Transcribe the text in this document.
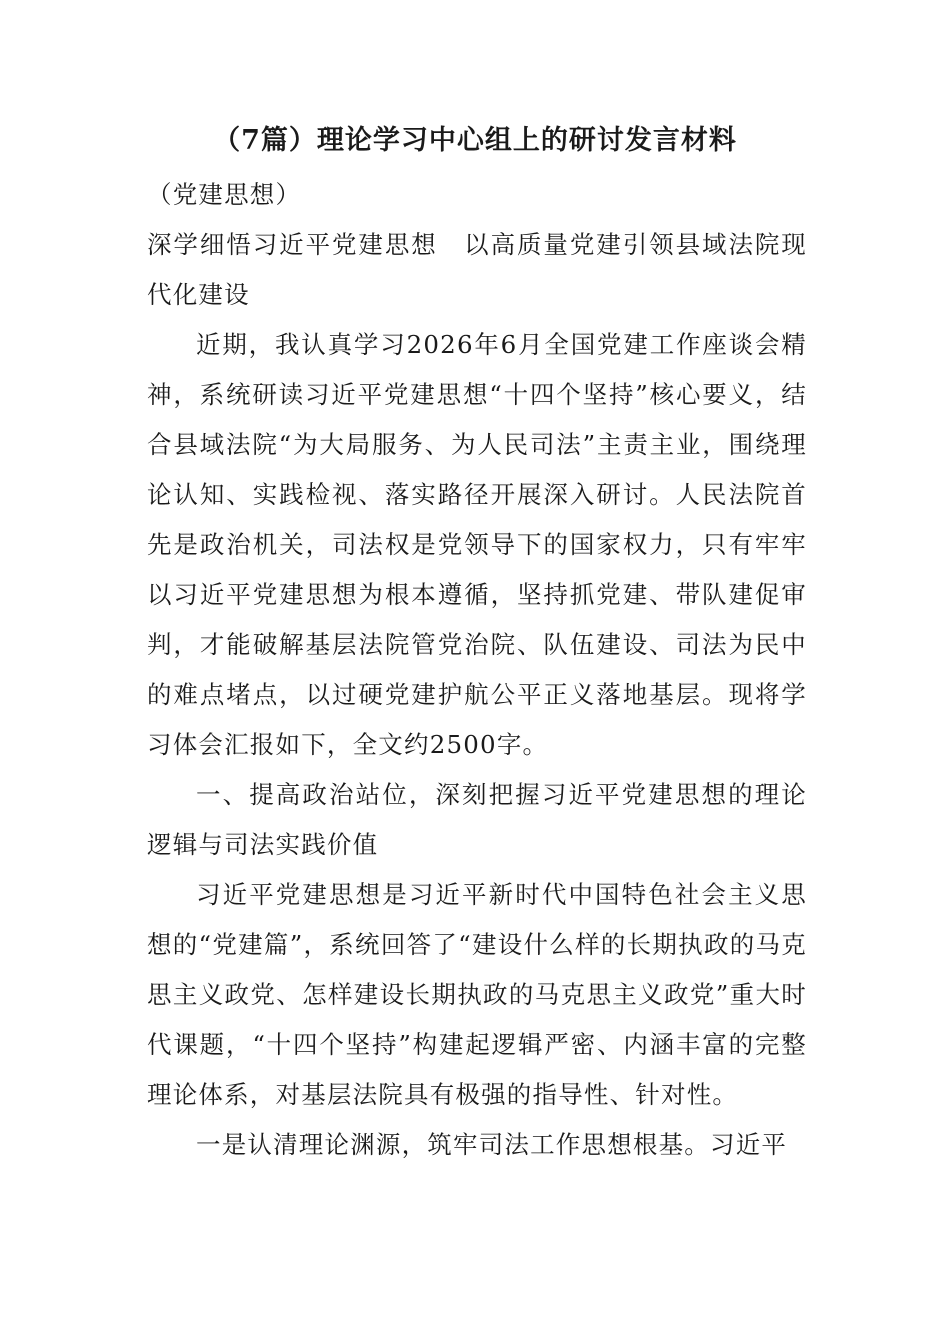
（7篇）理论学习中心组上的研讨发言材料

（党建思想）

深学细悟习近平党建思想　以高质量党建引领县域法院现代化建设

近期，我认真学习2026年6月全国党建工作座谈会精神，系统研读习近平党建思想“十四个坚持”核心要义，结合县域法院“为大局服务、为人民司法”主责主业，围绕理论认知、实践检视、落实路径开展深入研讨。人民法院首先是政治机关，司法权是党领导下的国家权力，只有牢牢以习近平党建思想为根本遵循，坚持抓党建、带队建促审判，才能破解基层法院管党治院、队伍建设、司法为民中的难点堵点，以过硬党建护航公平正义落地基层。现将学习体会汇报如下，全文约2500字。

一、提高政治站位，深刻把握习近平党建思想的理论逻辑与司法实践价值

习近平党建思想是习近平新时代中国特色社会主义思想的“党建篇”，系统回答了“建设什么样的长期执政的马克思主义政党、怎样建设长期执政的马克思主义政党”重大时代课题，“十四个坚持”构建起逻辑严密、内涵丰富的完整理论体系，对基层法院具有极强的指导性、针对性。

一是认清理论渊源，筑牢司法工作思想根基。习近平
